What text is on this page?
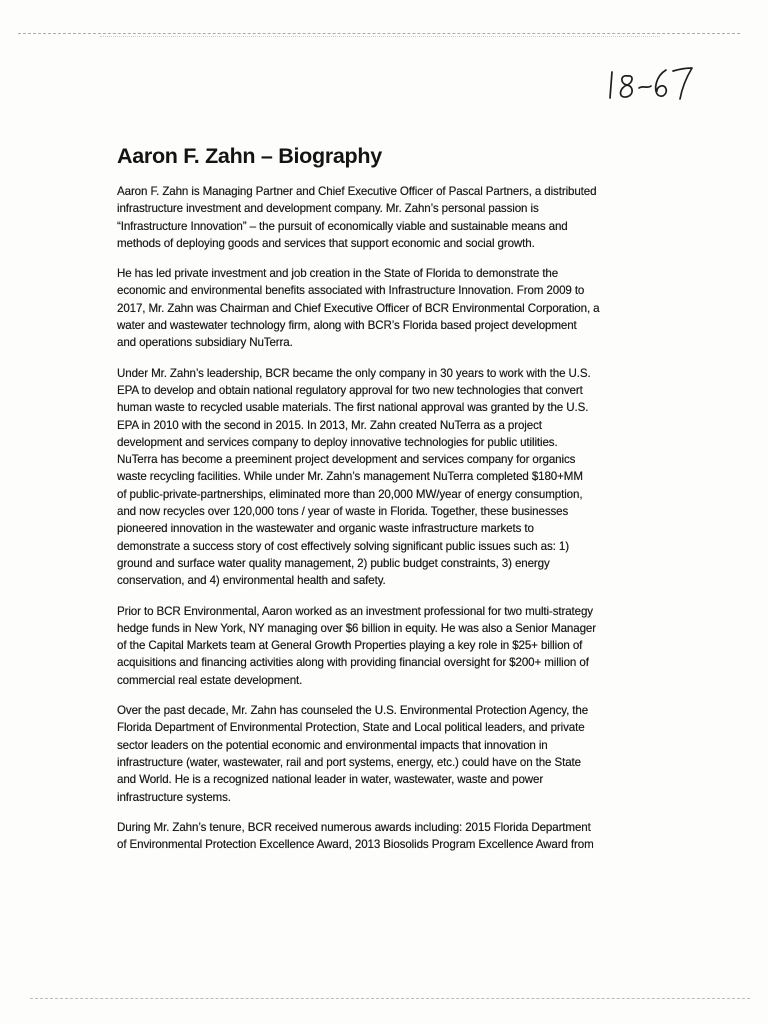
Aaron F. Zahn – Biography

Aaron F. Zahn is Managing Partner and Chief Executive Officer of Pascal Partners, a distributed
infrastructure investment and development company. Mr. Zahn’s personal passion is
“Infrastructure Innovation” – the pursuit of economically viable and sustainable means and
methods of deploying goods and services that support economic and social growth.

He has led private investment and job creation in the State of Florida to demonstrate the
economic and environmental benefits associated with Infrastructure Innovation. From 2009 to
2017, Mr. Zahn was Chairman and Chief Executive Officer of BCR Environmental Corporation, a
water and wastewater technology firm, along with BCR’s Florida based project development
and operations subsidiary NuTerra.

Under Mr. Zahn’s leadership, BCR became the only company in 30 years to work with the U.S.
EPA to develop and obtain national regulatory approval for two new technologies that convert
human waste to recycled usable materials. The first national approval was granted by the U.S.
EPA in 2010 with the second in 2015. In 2013, Mr. Zahn created NuTerra as a project
development and services company to deploy innovative technologies for public utilities.
NuTerra has become a preeminent project development and services company for organics
waste recycling facilities. While under Mr. Zahn’s management NuTerra completed $180+MM
of public-private-partnerships, eliminated more than 20,000 MW/year of energy consumption,
and now recycles over 120,000 tons / year of waste in Florida. Together, these businesses
pioneered innovation in the wastewater and organic waste infrastructure markets to
demonstrate a success story of cost effectively solving significant public issues such as: 1)
ground and surface water quality management, 2) public budget constraints, 3) energy
conservation, and 4) environmental health and safety.

Prior to BCR Environmental, Aaron worked as an investment professional for two multi-strategy
hedge funds in New York, NY managing over $6 billion in equity. He was also a Senior Manager
of the Capital Markets team at General Growth Properties playing a key role in $25+ billion of
acquisitions and financing activities along with providing financial oversight for $200+ million of
commercial real estate development.

Over the past decade, Mr. Zahn has counseled the U.S. Environmental Protection Agency, the
Florida Department of Environmental Protection, State and Local political leaders, and private
sector leaders on the potential economic and environmental impacts that innovation in
infrastructure (water, wastewater, rail and port systems, energy, etc.) could have on the State
and World. He is a recognized national leader in water, wastewater, waste and power
infrastructure systems.

During Mr. Zahn’s tenure, BCR received numerous awards including: 2015 Florida Department
of Environmental Protection Excellence Award, 2013 Biosolids Program Excellence Award from
